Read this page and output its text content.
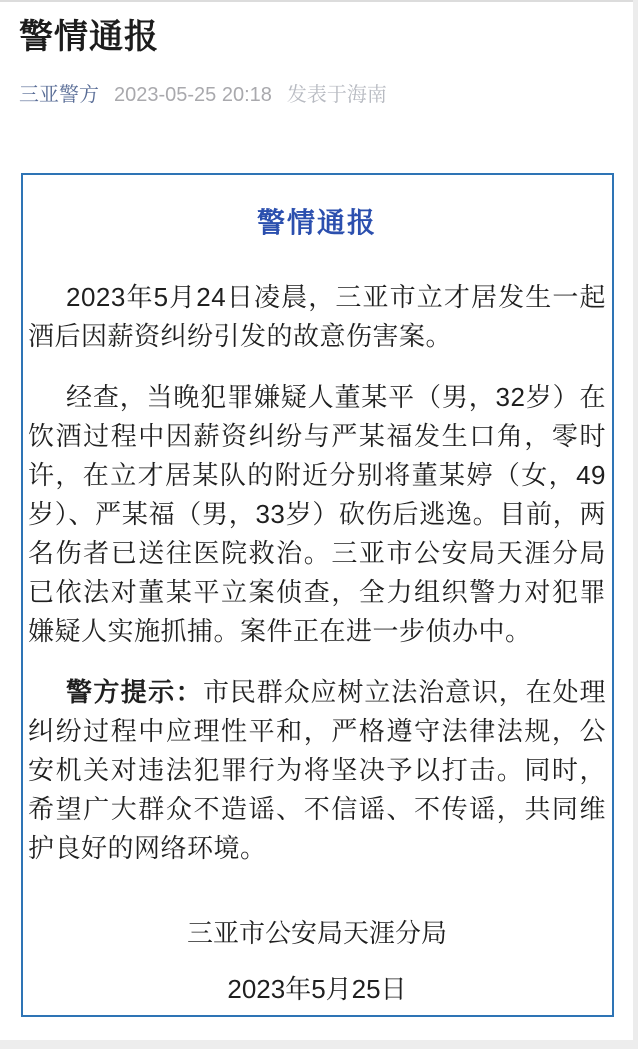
警情通报
三亚警方 2023-05-25 20:18 发表于海南
警情通报

2023年5月24日凌晨，三亚市立才居发生一起酒后因薪资纠纷引发的故意伤害案。

经查，当晚犯罪嫌疑人董某平（男，32岁）在饮酒过程中因薪资纠纷与严某福发生口角，零时许，在立才居某队的附近分别将董某婷（女，49岁）、严某福（男，33岁）砍伤后逃逸。目前，两名伤者已送往医院救治。三亚市公安局天涯分局已依法对董某平立案侦查，全力组织警力对犯罪嫌疑人实施抓捕。案件正在进一步侦办中。

警方提示：市民群众应树立法治意识，在处理纠纷过程中应理性平和，严格遵守法律法规，公安机关对违法犯罪行为将坚决予以打击。同时，希望广大群众不造谣、不信谣、不传谣，共同维护良好的网络环境。

三亚市公安局天涯分局
2023年5月25日
